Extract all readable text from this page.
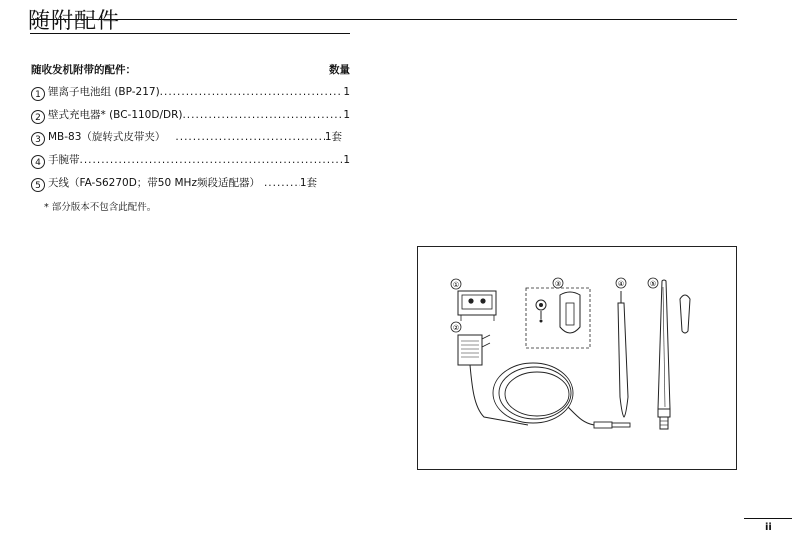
随附配件
随收发机附带的配件：	数量
1 锂离子电池组 (BP-217) .....	1
2 壁式充电器* (BC-110D/DR) .....	1
3 MB-83（旋转式皮带夹） .....	1套
4 手腕带 .....	1
5 天线（FA-S6270D；带50 MHz频段适配器） .....	1套
* 部分版本不包含此配件。
①
②
③	④	⑤
ii
